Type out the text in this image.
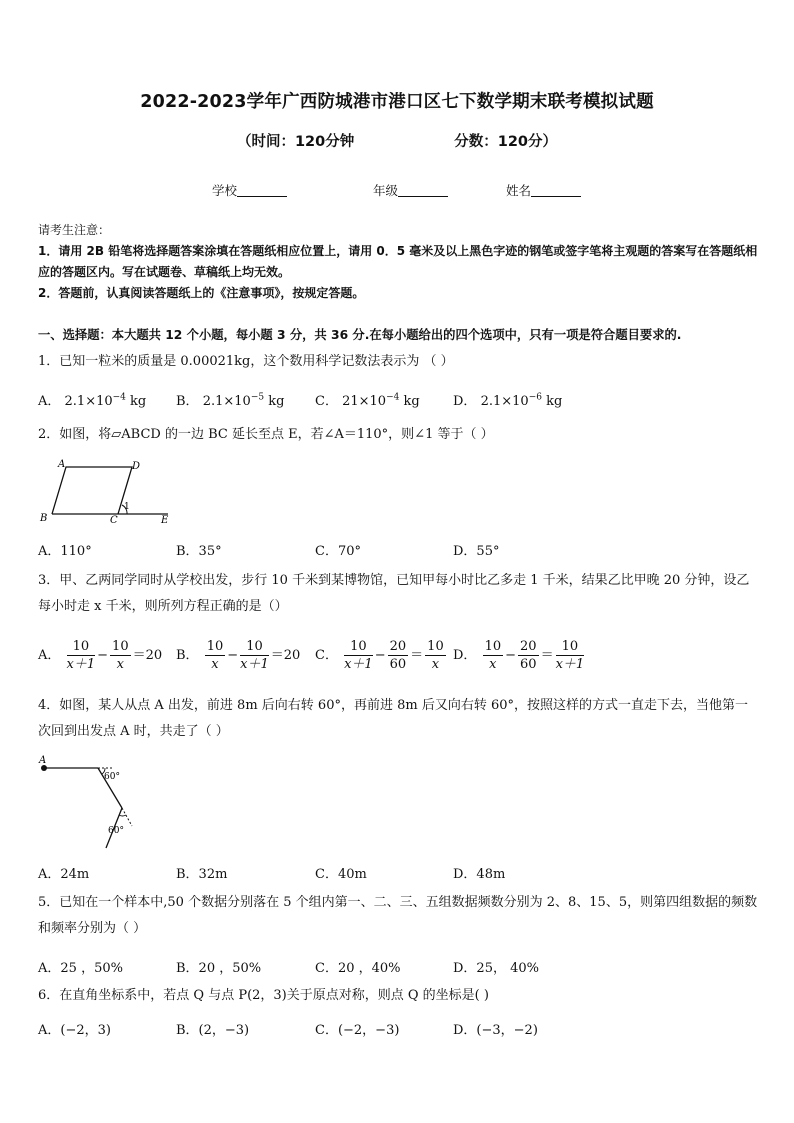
2022-2023学年广西防城港市港口区七下数学期末联考模拟试题
（时间：120分钟	分数：120分）
学校	年级	姓名
请考生注意：
1．请用 2B 铅笔将选择题答案涂填在答题纸相应位置上，请用 0．5 毫米及以上黑色字迹的钢笔或签字笔将主观题的答案写在答题纸相应的答题区内。写在试题卷、草稿纸上均无效。
2．答题前，认真阅读答题纸上的《注意事项》，按规定答题。
一、选择题：本大题共 12 个小题，每小题 3 分，共 36 分.在每小题给出的四个选项中，只有一项是符合题目要求的.
1．已知一粒米的质量是 0.00021kg，这个数用科学记数法表示为 （ ）
A． $2.1\times 10^{-4}$ kg B． $2.1\times 10^{-5}$ kg C． $21\times 10^{-4}$ kg	D． $2.1\times 10^{-6}$ kg
2．如图，将▱ABCD 的一边 BC 延长至点 E，若∠A＝110°，则∠1 等于（ ）
A	D
B	C	E
1
A．110°	B．35°	C．70°	D．55°
3．甲、乙两同学同时从学校出发，步行 10 千米到某博物馆，已知甲每小时比乙多走 1 千米，结果乙比甲晚 20 分钟，设乙每小时走 x 千米，则所列方程正确的是（）
A． $\frac{10}{x+1} - \frac{10}{x} =20$ B． $\frac{10}{x} - \frac{10}{x+1} =20$ C． $\frac{10}{x+1} - \frac{20}{60} = \frac{10}{x}$ D． $\frac{10}{x} - \frac{20}{60} = \frac{10}{x+1}$
4．如图，某人从点 A 出发，前进 8m 后向右转 60°，再前进 8m 后又向右转 60°，按照这样的方式一直走下去，当他第一次回到出发点 A 时，共走了（ ）
A
60°
60°
A．24m	B．32m	C．40m	D．48m
5．已知在一个样本中,50 个数据分别落在 5 个组内第一、二、三、五组数据频数分别为 2、8、15、5，则第四组数据的频数和频率分别为（ ）
A．25 ，50%	B．20 ，50%	C．20 ，40%	D．25， 40%
6．在直角坐标系中，若点 Q 与点 P(2，3)关于原点对称，则点 Q 的坐标是( )
A．(−2，3)	B．(2，−3)	C．(−2，−3)	D．(−3，−2)
